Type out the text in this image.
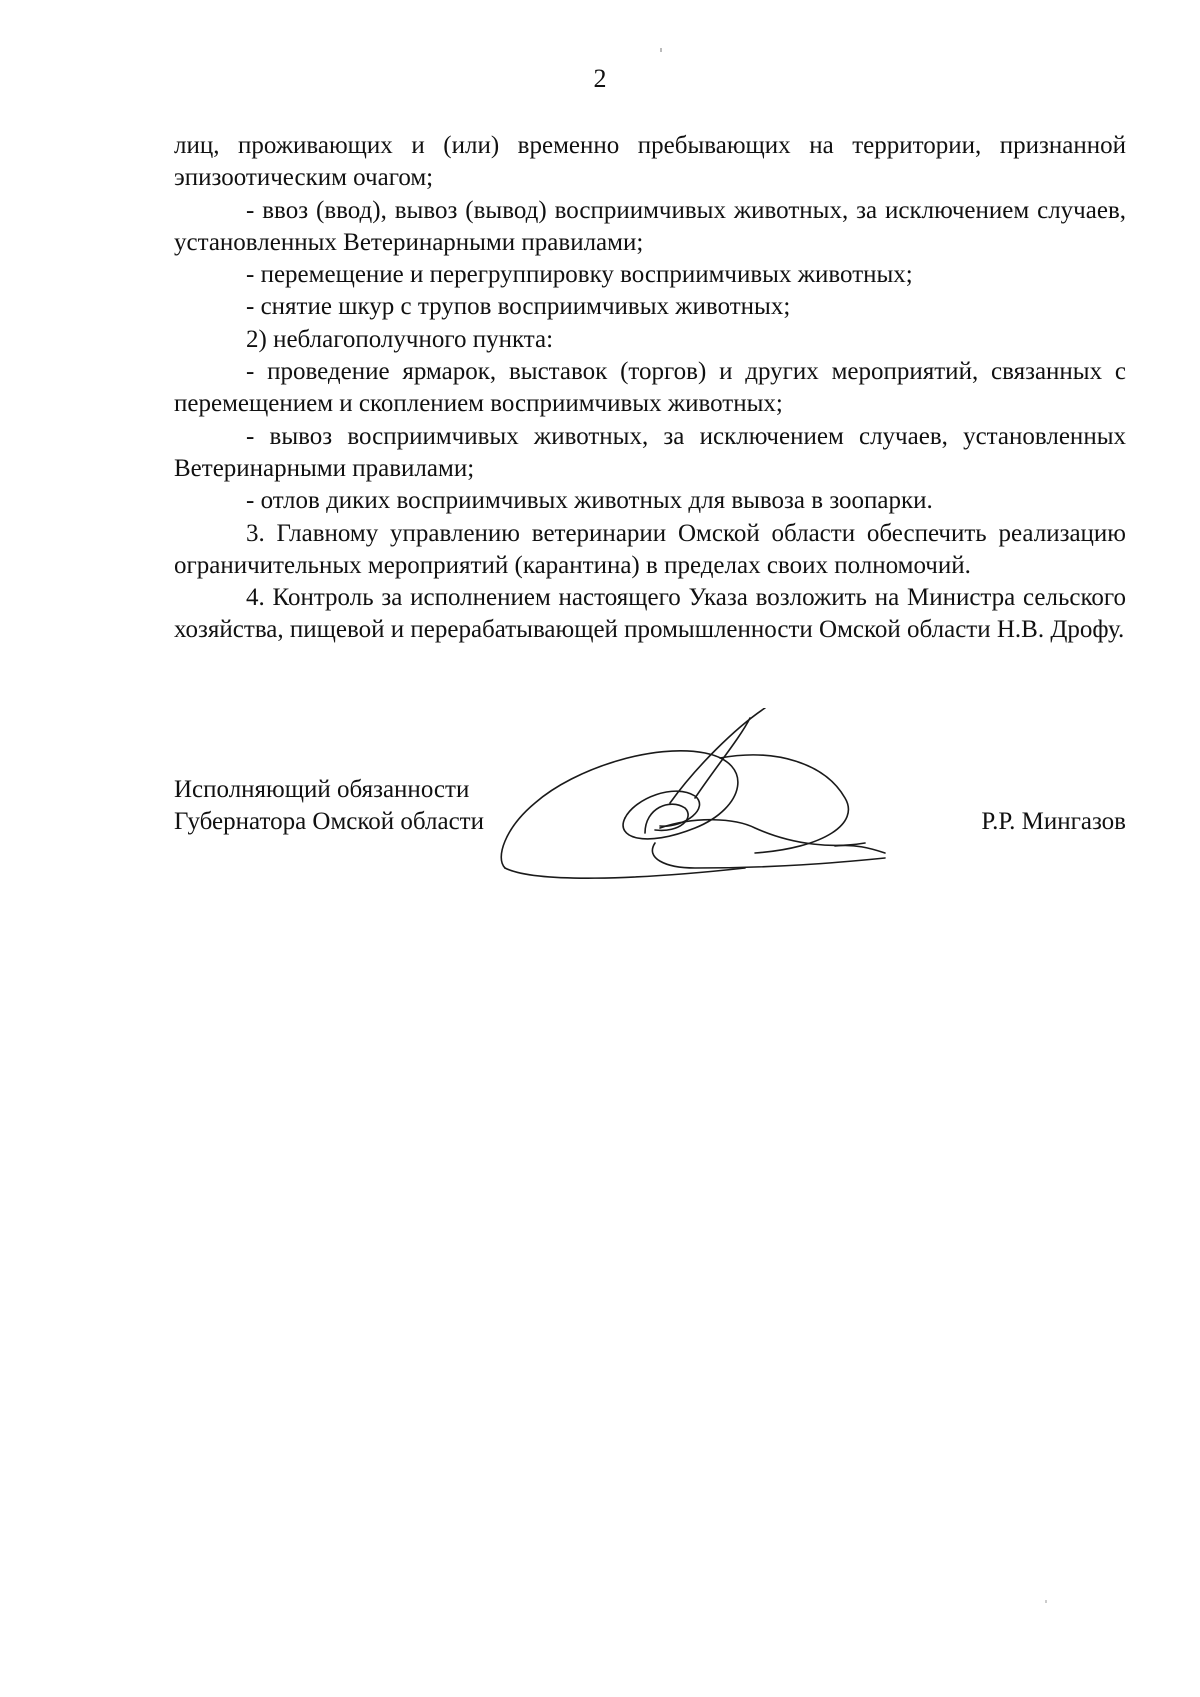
2

лиц, проживающих и (или) временно пребывающих на территории, признанной эпизоотическим очагом;

- ввоз (ввод), вывоз (вывод) восприимчивых животных, за исключением случаев, установленных Ветеринарными правилами;

- перемещение и перегруппировку восприимчивых животных;

- снятие шкур с трупов восприимчивых животных;

2) неблагополучного пункта:

- проведение ярмарок, выставок (торгов) и других мероприятий, связанных с перемещением и скоплением восприимчивых животных;

- вывоз восприимчивых животных, за исключением случаев, установленных Ветеринарными правилами;

- отлов диких восприимчивых животных для вывоза в зоопарки.

3. Главному управлению ветеринарии Омской области обеспечить реализацию ограничительных мероприятий (карантина) в пределах своих полномочий.

4. Контроль за исполнением настоящего Указа возложить на Министра сельского хозяйства, пищевой и перерабатывающей промышленности Омской области Н.В. Дрофу.

Исполняющий обязанности

Губернатора Омской области	Р.Р. Мингазов
